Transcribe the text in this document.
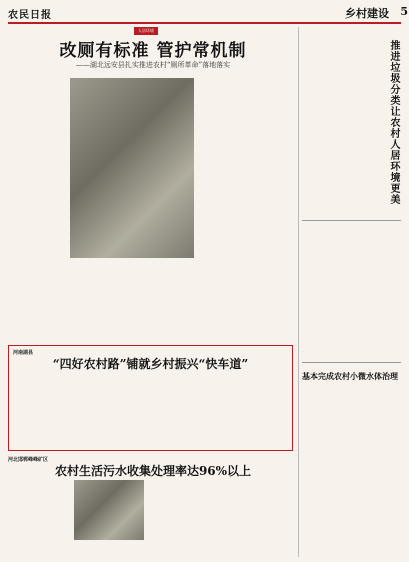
农民日报	乡村建设 5
人居环境
改厕有标准 管护常机制
——湖北远安县扎实推进农村“厕所革命”落地落实

河南湖县
“四好农村路”铺就乡村振兴“快车道”

河北邯郸峰峰矿区
农村生活污水收集处理率达96%以上

推进垃圾分类让农村人居环境更美

基本完成农村小微水体治理
